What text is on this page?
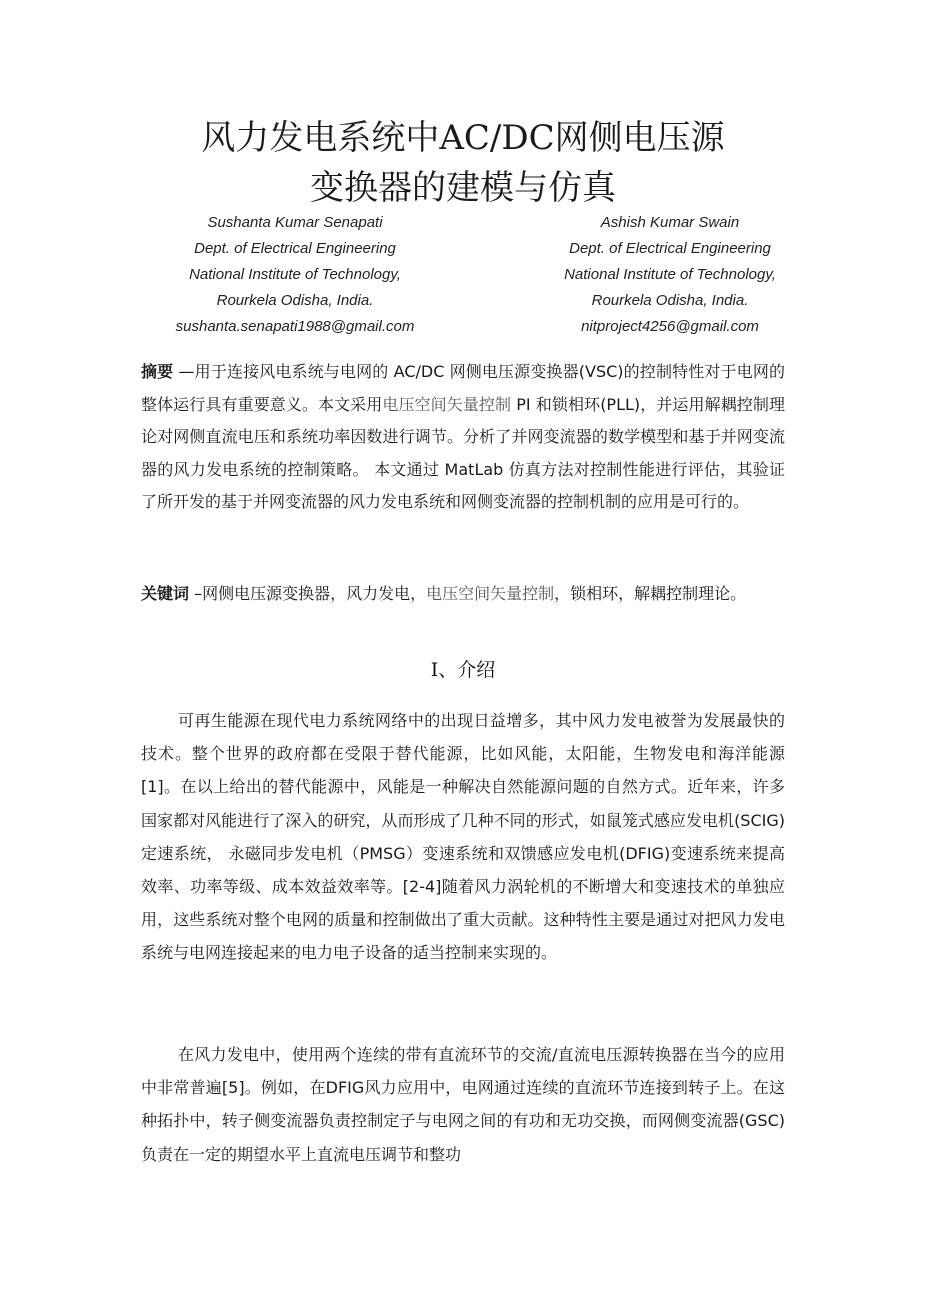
风力发电系统中AC/DC网侧电压源
变换器的建模与仿真
Sushanta Kumar Senapati
Dept. of Electrical Engineering
National Institute of Technology,
Rourkela Odisha, India.
sushanta.senapati1988@gmail.com
Ashish Kumar Swain
Dept. of Electrical Engineering
National Institute of Technology,
Rourkela Odisha, India.
nitproject4256@gmail.com
摘要 —用于连接风电系统与电网的 AC/DC 网侧电压源变换器(VSC)的控制特性对于电网的整体运行具有重要意义。本文采用电压空间矢量控制 PI 和锁相环(PLL)，并运用解耦控制理论对网侧直流电压和系统功率因数进行调节。分析了并网变流器的数学模型和基于并网变流器的风力发电系统的控制策略。 本文通过 MatLab 仿真方法对控制性能进行评估，其验证了所开发的基于并网变流器的风力发电系统和网侧变流器的控制机制的应用是可行的。
关键词 –网侧电压源变换器，风力发电，电压空间矢量控制，锁相环，解耦控制理论。
Ⅰ、介绍
可再生能源在现代电力系统网络中的出现日益增多，其中风力发电被誉为发展最快的技术。整个世界的政府都在受限于替代能源，比如风能，太阳能，生物发电和海洋能源[1]。在以上给出的替代能源中，风能是一种解决自然能源问题的自然方式。近年来，许多国家都对风能进行了深入的研究，从而形成了几种不同的形式，如鼠笼式感应发电机(SCIG)定速系统， 永磁同步发电机（PMSG）变速系统和双馈感应发电机(DFIG)变速系统来提高效率、功率等级、成本效益效率等。[2-4]随着风力涡轮机的不断增大和变速技术的单独应用，这些系统对整个电网的质量和控制做出了重大贡献。这种特性主要是通过对把风力发电系统与电网连接起来的电力电子设备的适当控制来实现的。
在风力发电中，使用两个连续的带有直流环节的交流/直流电压源转换器在当今的应用中非常普遍[5]。例如，在DFIG风力应用中，电网通过连续的直流环节连接到转子上。在这种拓扑中，转子侧变流器负责控制定子与电网之间的有功和无功交换，而网侧变流器(GSC)负责在一定的期望水平上直流电压调节和整功
